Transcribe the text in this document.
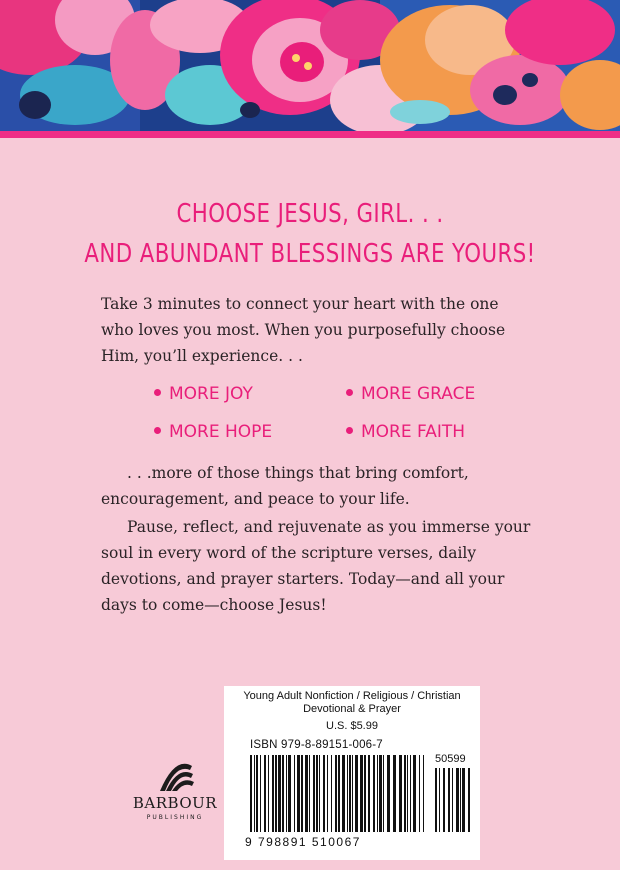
CHOOSE JESUS, GIRL. . .
AND ABUNDANT BLESSINGS ARE YOURS!
Take 3 minutes to connect your heart with the one who loves you most. When you purposefully choose Him, you’ll experience. . .
MORE JOY	MORE GRACE
MORE HOPE	MORE FAITH
. . .more of those things that bring comfort, encouragement, and peace to your life.
Pause, reflect, and rejuvenate as you immerse your soul in every word of the scripture verses, daily devotions, and prayer starters. Today—and all your days to come—choose Jesus!
BARBOUR
PUBLISHING
Young Adult Nonfiction / Religious / Christian Devotional & Prayer
U.S. $5.99
ISBN 979-8-89151-006-7
50599
9 798891 510067
